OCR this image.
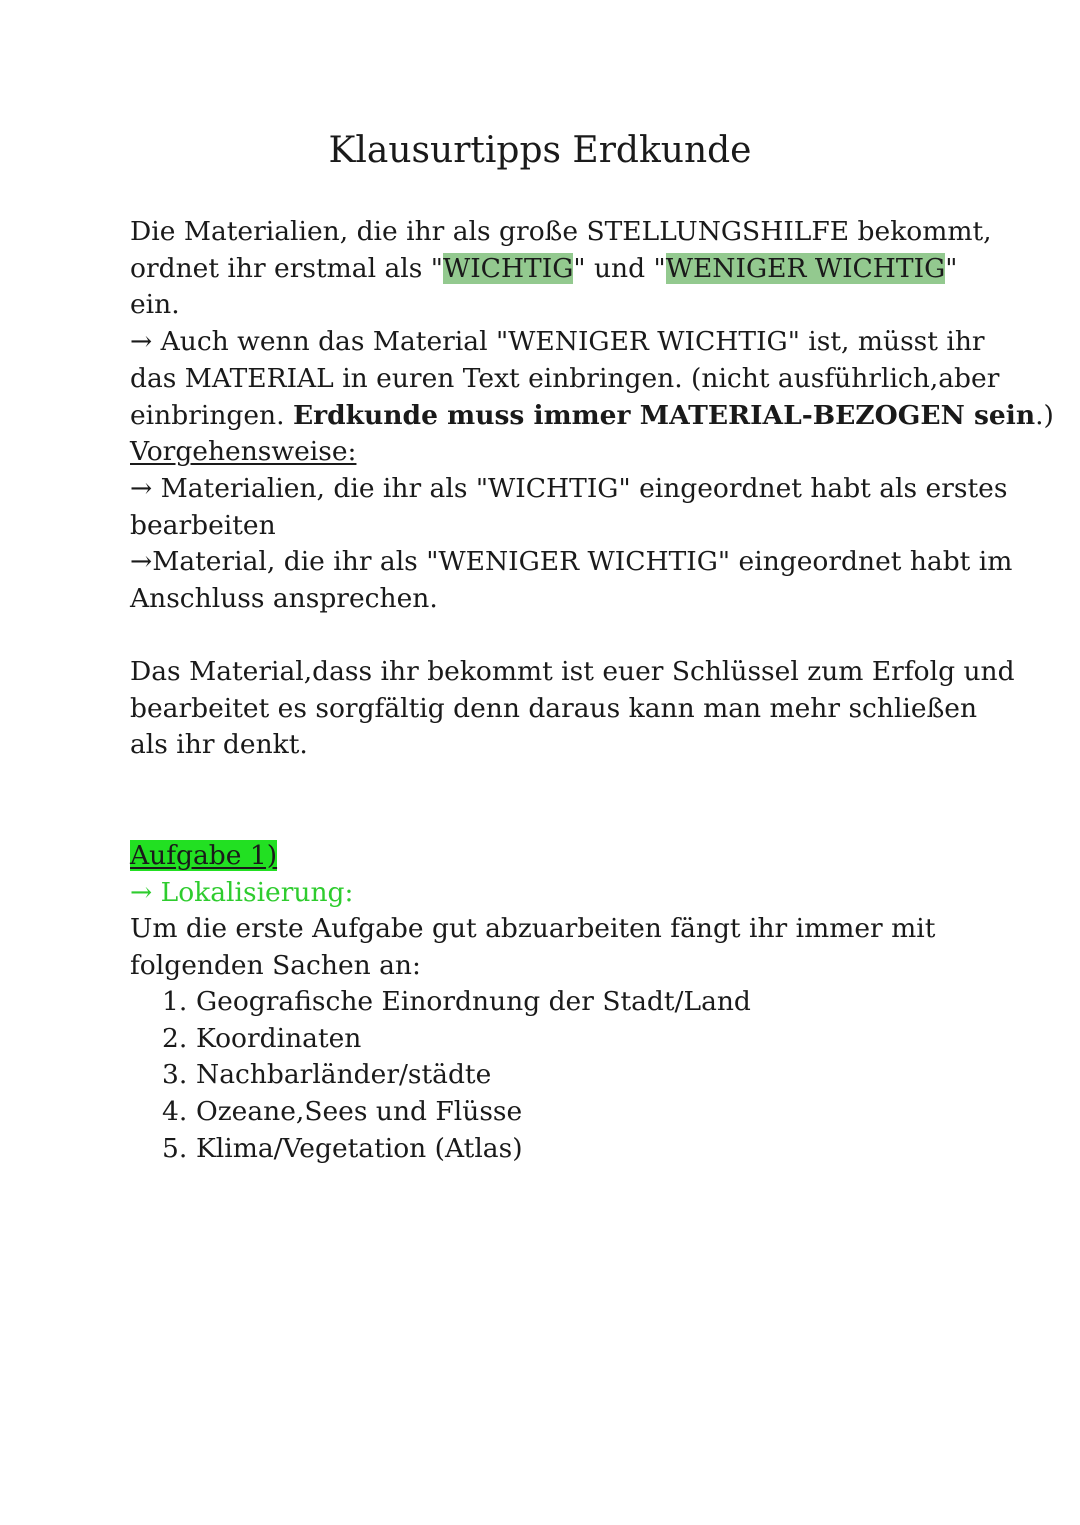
Klausurtipps Erdkunde
Die Materialien, die ihr als große STELLUNGSHILFE bekommt,
ordnet ihr erstmal als "WICHTIG" und "WENIGER WICHTIG"
ein.
→ Auch wenn das Material "WENIGER WICHTIG" ist, müsst ihr
das MATERIAL in euren Text einbringen. (nicht ausführlich,aber
einbringen. Erdkunde muss immer MATERIAL-BEZOGEN sein.)
Vorgehensweise:
→ Materialien, die ihr als "WICHTIG" eingeordnet habt als erstes
bearbeiten
→Material, die ihr als "WENIGER WICHTIG" eingeordnet habt im
Anschluss ansprechen.
Das Material,dass ihr bekommt ist euer Schlüssel zum Erfolg und
bearbeitet es sorgfältig denn daraus kann man mehr schließen
als ihr denkt.
Aufgabe 1)
→ Lokalisierung:
Um die erste Aufgabe gut abzuarbeiten fängt ihr immer mit
folgenden Sachen an:
1. Geografische Einordnung der Stadt/Land
2. Koordinaten
3. Nachbarländer/städte
4. Ozeane,Sees und Flüsse
5. Klima/Vegetation (Atlas)
